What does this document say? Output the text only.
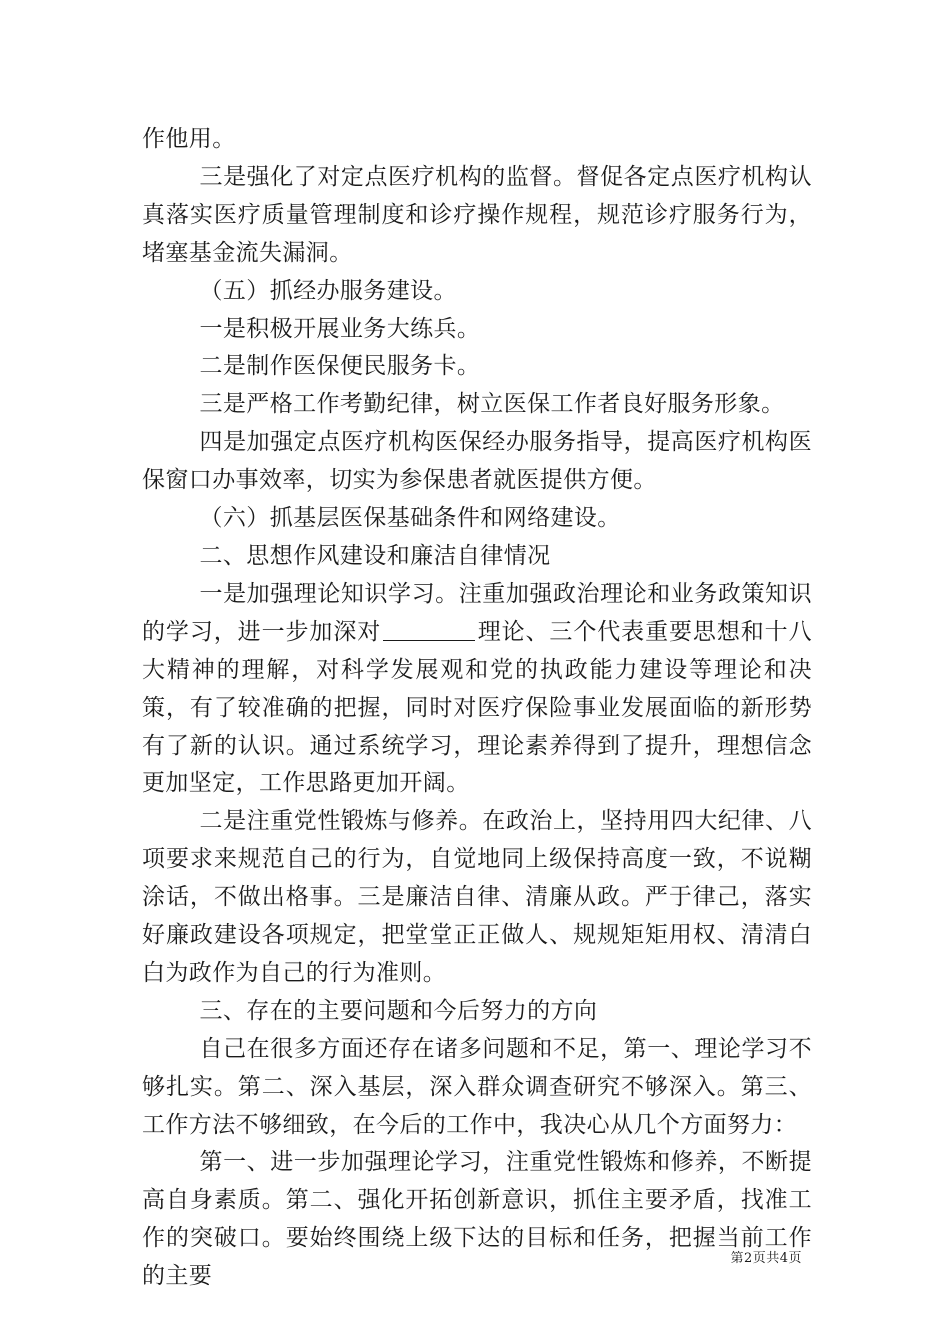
作他用。

三是强化了对定点医疗机构的监督。督促各定点医疗机构认真落实医疗质量管理制度和诊疗操作规程，规范诊疗服务行为，堵塞基金流失漏洞。

（五）抓经办服务建设。

一是积极开展业务大练兵。

二是制作医保便民服务卡。

三是严格工作考勤纪律，树立医保工作者良好服务形象。

四是加强定点医疗机构医保经办服务指导，提高医疗机构医保窗口办事效率，切实为参保患者就医提供方便。

（六）抓基层医保基础条件和网络建设。

二、思想作风建设和廉洁自律情况

一是加强理论知识学习。注重加强政治理论和业务政策知识的学习，进一步加深对	理论、三个代表重要思想和十八大精神的理解，对科学发展观和党的执政能力建设等理论和决策，有了较准确的把握，同时对医疗保险事业发展面临的新形势有了新的认识。通过系统学习，理论素养得到了提升，理想信念更加坚定，工作思路更加开阔。

二是注重党性锻炼与修养。在政治上，坚持用四大纪律、八项要求来规范自己的行为，自觉地同上级保持高度一致，不说糊涂话，不做出格事。三是廉洁自律、清廉从政。严于律己，落实好廉政建设各项规定，把堂堂正正做人、规规矩矩用权、清清白白为政作为自己的行为准则。

三、存在的主要问题和今后努力的方向

自己在很多方面还存在诸多问题和不足，第一、理论学习不够扎实。第二、深入基层，深入群众调查研究不够深入。第三、工作方法不够细致，在今后的工作中，我决心从几个方面努力：

第一、进一步加强理论学习，注重党性锻炼和修养，不断提高自身素质。第二、强化开拓创新意识，抓住主要矛盾，找准工作的突破口。要始终围绕上级下达的目标和任务，把握当前工作的主要

第2页共4页
